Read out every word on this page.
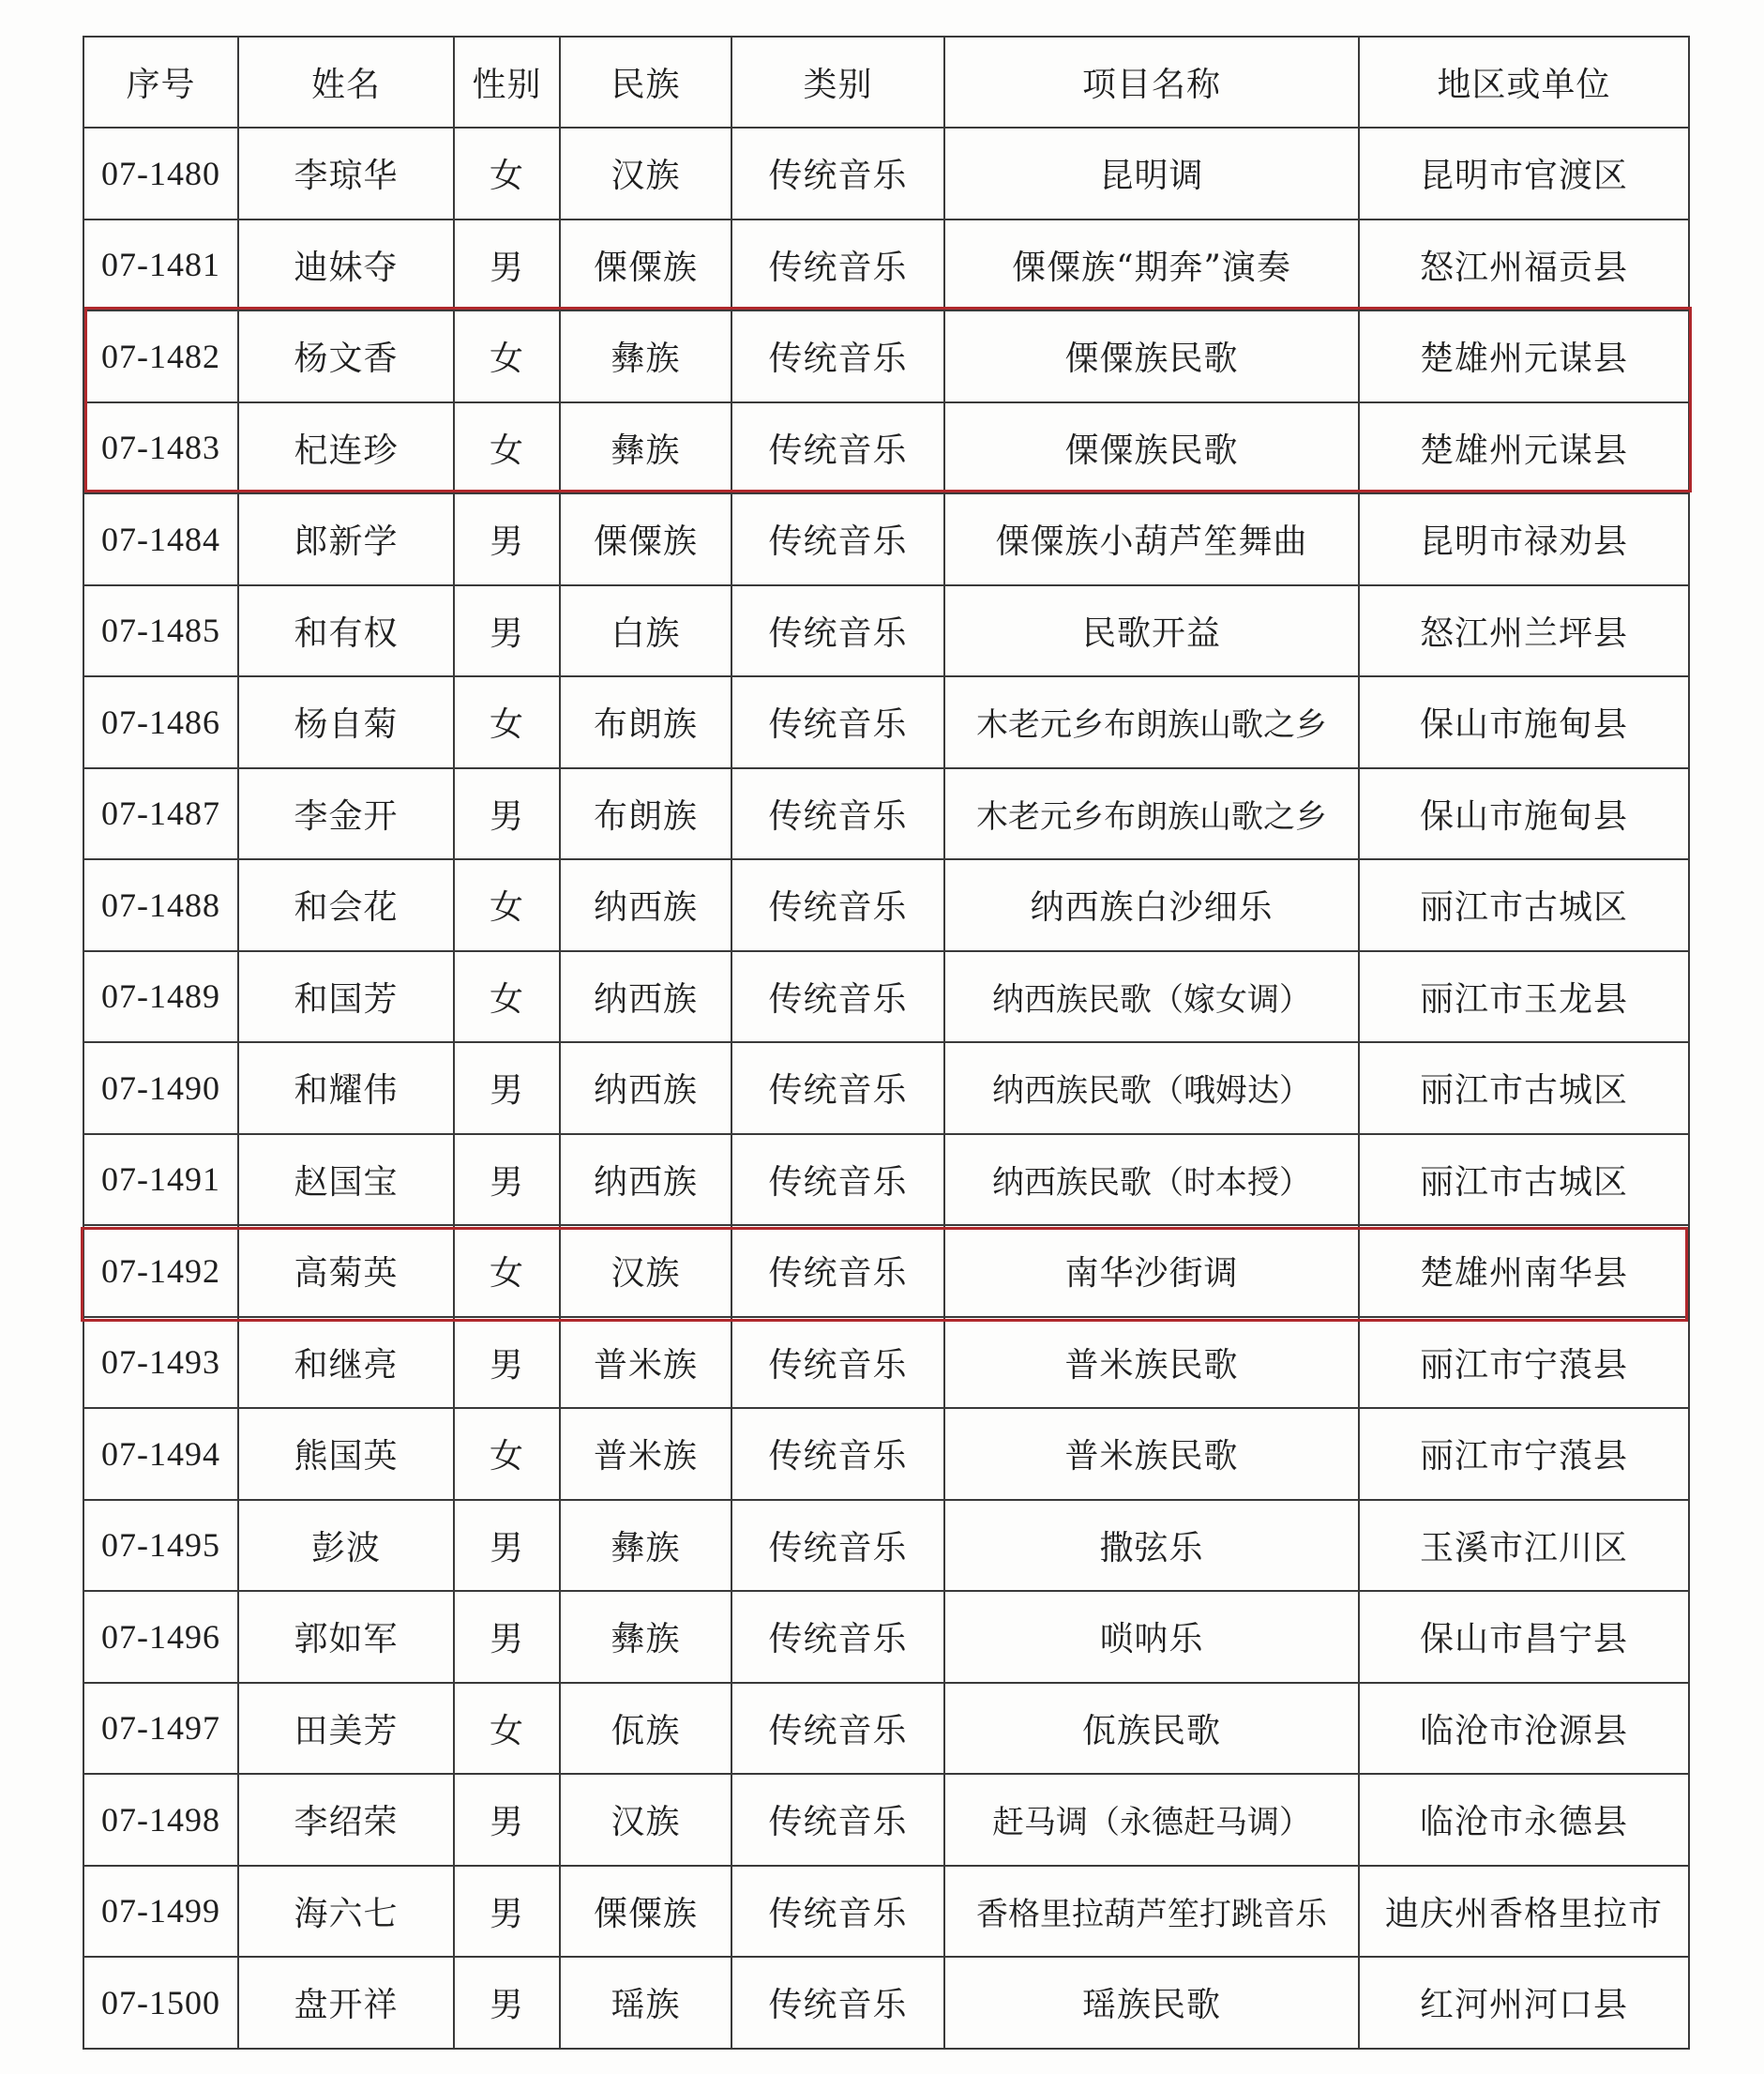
序号	姓名	性别	民族	类别	项目名称	地区或单位
07-1480	李琼华	女	汉族	传统音乐	昆明调	昆明市官渡区
07-1481	迪妹夺	男	傈僳族	传统音乐	傈僳族“期奔”演奏	怒江州福贡县
07-1482	杨文香	女	彝族	传统音乐	傈僳族民歌	楚雄州元谋县
07-1483	杞连珍	女	彝族	传统音乐	傈僳族民歌	楚雄州元谋县
07-1484	郎新学	男	傈僳族	传统音乐	傈僳族小葫芦笙舞曲	昆明市禄劝县
07-1485	和有权	男	白族	传统音乐	民歌开益	怒江州兰坪县
07-1486	杨自菊	女	布朗族	传统音乐	木老元乡布朗族山歌之乡	保山市施甸县
07-1487	李金开	男	布朗族	传统音乐	木老元乡布朗族山歌之乡	保山市施甸县
07-1488	和会花	女	纳西族	传统音乐	纳西族白沙细乐	丽江市古城区
07-1489	和国芳	女	纳西族	传统音乐	纳西族民歌（嫁女调）	丽江市玉龙县
07-1490	和耀伟	男	纳西族	传统音乐	纳西族民歌（哦姆达）	丽江市古城区
07-1491	赵国宝	男	纳西族	传统音乐	纳西族民歌（时本授）	丽江市古城区
07-1492	高菊英	女	汉族	传统音乐	南华沙街调	楚雄州南华县
07-1493	和继亮	男	普米族	传统音乐	普米族民歌	丽江市宁蒗县
07-1494	熊国英	女	普米族	传统音乐	普米族民歌	丽江市宁蒗县
07-1495	彭波	男	彝族	传统音乐	撒弦乐	玉溪市江川区
07-1496	郭如军	男	彝族	传统音乐	唢呐乐	保山市昌宁县
07-1497	田美芳	女	佤族	传统音乐	佤族民歌	临沧市沧源县
07-1498	李绍荣	男	汉族	传统音乐	赶马调（永德赶马调）	临沧市永德县
07-1499	海六七	男	傈僳族	传统音乐	香格里拉葫芦笙打跳音乐	迪庆州香格里拉市
07-1500	盘开祥	男	瑶族	传统音乐	瑶族民歌	红河州河口县
